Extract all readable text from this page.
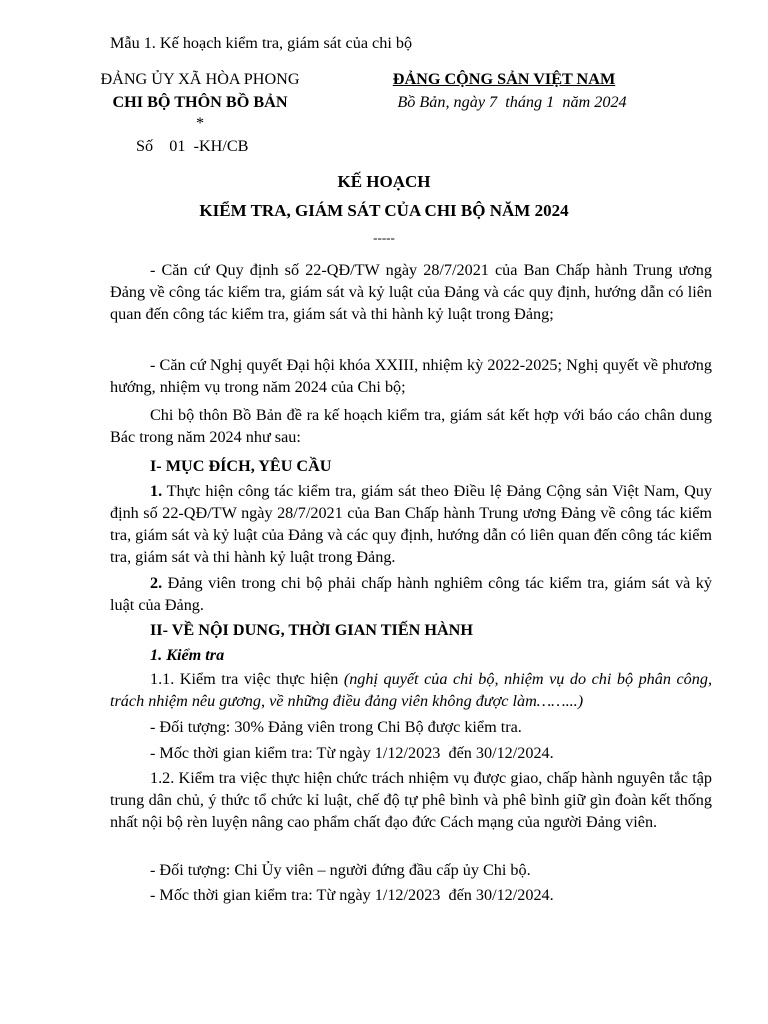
Mẫu 1. Kế hoạch kiểm tra, giám sát của chi bộ
ĐẢNG ỦY XÃ HÒA PHONG
CHI BỘ THÔN BỒ BẢN
*
Số    01  -KH/CB
ĐẢNG CỘNG SẢN VIỆT NAM
Bồ Bản, ngày 7  tháng 1  năm 2024
KẾ HOẠCH
KIỂM TRA, GIÁM SÁT CỦA CHI BỘ NĂM 2024
-----
- Căn cứ Quy định số 22-QĐ/TW ngày 28/7/2021 của Ban Chấp hành Trung ương Đảng về công tác kiểm tra, giám sát và kỷ luật của Đảng và các quy định, hướng dẫn có liên quan đến công tác kiểm tra, giám sát và thi hành kỷ luật trong Đảng;
- Căn cứ Nghị quyết Đại hội khóa XXIII, nhiệm kỳ 2022-2025; Nghị quyết về phương hướng, nhiệm vụ trong năm 2024 của Chi bộ;
Chi bộ thôn Bồ Bản đề ra kế hoạch kiểm tra, giám sát kết hợp với báo cáo chân dung Bác trong năm 2024 như sau:
I- MỤC ĐÍCH, YÊU CẦU
1. Thực hiện công tác kiểm tra, giám sát theo Điều lệ Đảng Cộng sản Việt Nam, Quy định số 22-QĐ/TW ngày 28/7/2021 của Ban Chấp hành Trung ương Đảng về công tác kiểm tra, giám sát và kỷ luật của Đảng và các quy định, hướng dẫn có liên quan đến công tác kiểm tra, giám sát và thi hành kỷ luật trong Đảng.
2. Đảng viên trong chi bộ phải chấp hành nghiêm công tác kiểm tra, giám sát và kỷ luật của Đảng.
II- VỀ NỘI DUNG, THỜI GIAN TIẾN HÀNH
1. Kiểm tra
1.1. Kiểm tra việc thực hiện (nghị quyết của chi bộ, nhiệm vụ do chi bộ phân công, trách nhiệm nêu gương, về những điều đảng viên không được làm……...)
- Đối tượng: 30% Đảng viên trong Chi Bộ được kiểm tra.
- Mốc thời gian kiểm tra: Từ ngày 1/12/2023  đến 30/12/2024.
1.2. Kiểm tra việc thực hiện chức trách nhiệm vụ được giao, chấp hành nguyên tắc tập trung dân chủ, ý thức tổ chức kỉ luật, chế độ tự phê bình và phê bình giữ gìn đoàn kết thống nhất nội bộ rèn luyện nâng cao phẩm chất đạo đức Cách mạng của người Đảng viên.
- Đối tượng: Chi Ủy viên – người đứng đầu cấp ủy Chi bộ.
- Mốc thời gian kiểm tra: Từ ngày 1/12/2023  đến 30/12/2024.
